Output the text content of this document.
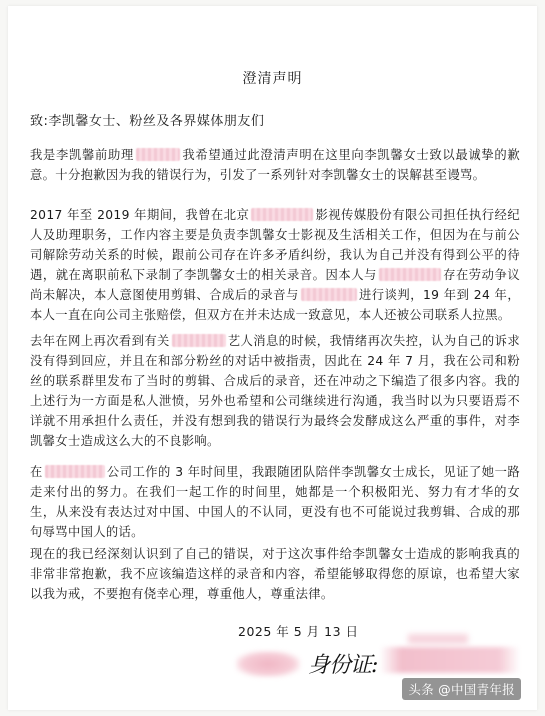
澄清声明
致:李凯馨女士、粉丝及各界媒体朋友们
我是李凯馨前助理	我希望通过此澄清声明在这里向李凯馨女士致以最诚挚的歉意。十分抱歉因为我的错误行为，引发了一系列针对李凯馨女士的误解甚至谩骂。
2017 年至 2019 年期间，我曾在北京	影视传媒股份有限公司担任执行经纪人及助理职务，工作内容主要是负责李凯馨女士影视及生活相关工作，但因为在与前公司解除劳动关系的时候，跟前公司存在许多矛盾纠纷，我认为自己并没有得到公平的待遇，就在离职前私下录制了李凯馨女士的相关录音。因本人与	存在劳动争议尚未解决，本人意图使用剪辑、合成后的录音与	进行谈判，19 年到 24 年，本人一直在向公司主张赔偿，但双方在并未达成一致意见，本人还被公司联系人拉黑。
去年在网上再次看到有关	艺人消息的时候，我情绪再次失控，认为自己的诉求没有得到回应，并且在和部分粉丝的对话中被指责，因此在 24 年 7 月，我在公司和粉丝的联系群里发布了当时的剪辑、合成后的录音，还在冲动之下编造了很多内容。我的上述行为一方面是私人泄愤，另外也希望和公司继续进行沟通，我当时以为只要语焉不详就不用承担什么责任，并没有想到我的错误行为最终会发酵成这么严重的事件，对李凯馨女士造成这么大的不良影响。
在	公司工作的 3 年时间里，我跟随团队陪伴李凯馨女士成长，见证了她一路走来付出的努力。在我们一起工作的时间里，她都是一个积极阳光、努力有才华的女生，从来没有表达过对中国、中国人的不认同，更没有也不可能说过我剪辑、合成的那句辱骂中国人的话。
现在的我已经深刻认识到了自己的错误，对于这次事件给李凯馨女士造成的影响我真的非常非常抱歉，我不应该编造这样的录音和内容，希望能够取得您的原谅，也希望大家以我为戒，不要抱有侥幸心理，尊重他人，尊重法律。
2025 年 5 月 13 日
身份证:
头条 @中国青年报
